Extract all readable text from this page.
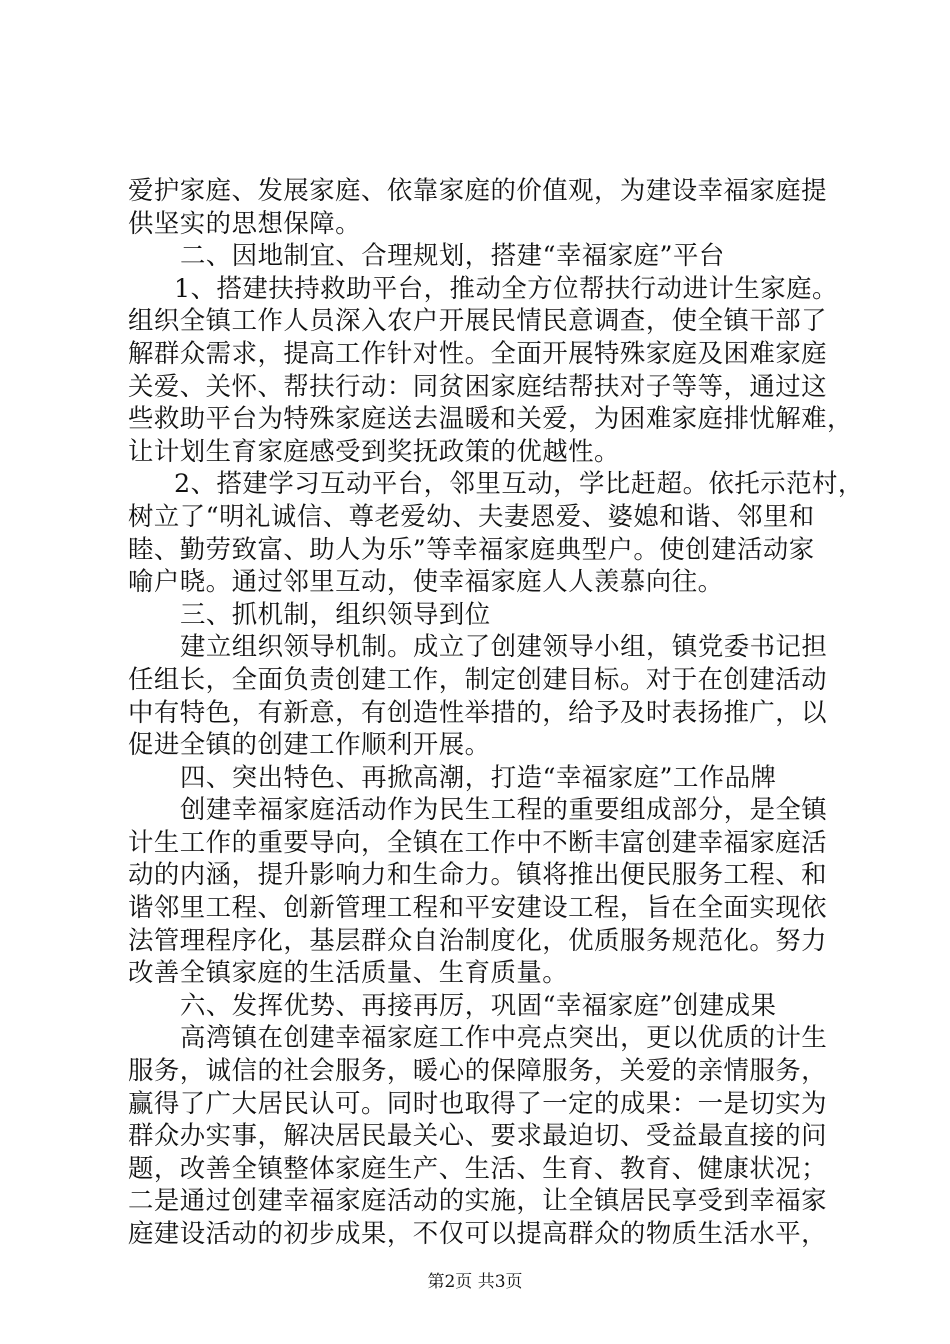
爱护家庭、发展家庭、依靠家庭的价值观，为建设幸福家庭提
供坚实的思想保障。
二、因地制宜、合理规划，搭建“幸福家庭”平台
1、搭建扶持救助平台，推动全方位帮扶行动进计生家庭。
组织全镇工作人员深入农户开展民情民意调查，使全镇干部了
解群众需求，提高工作针对性。全面开展特殊家庭及困难家庭
关爱、关怀、帮扶行动：同贫困家庭结帮扶对子等等，通过这
些救助平台为特殊家庭送去温暖和关爱，为困难家庭排忧解难，
让计划生育家庭感受到奖抚政策的优越性。
2、搭建学习互动平台，邻里互动，学比赶超。依托示范村，
树立了“明礼诚信、尊老爱幼、夫妻恩爱、婆媳和谐、邻里和
睦、勤劳致富、助人为乐”等幸福家庭典型户。使创建活动家
喻户晓。通过邻里互动，使幸福家庭人人羡慕向往。
三、抓机制，组织领导到位
建立组织领导机制。成立了创建领导小组，镇党委书记担
任组长，全面负责创建工作，制定创建目标。对于在创建活动
中有特色，有新意，有创造性举措的，给予及时表扬推广，以
促进全镇的创建工作顺利开展。
四、突出特色、再掀高潮，打造“幸福家庭”工作品牌
创建幸福家庭活动作为民生工程的重要组成部分，是全镇
计生工作的重要导向，全镇在工作中不断丰富创建幸福家庭活
动的内涵，提升影响力和生命力。镇将推出便民服务工程、和
谐邻里工程、创新管理工程和平安建设工程，旨在全面实现依
法管理程序化，基层群众自治制度化，优质服务规范化。努力
改善全镇家庭的生活质量、生育质量。
六、发挥优势、再接再厉，巩固“幸福家庭”创建成果
高湾镇在创建幸福家庭工作中亮点突出，更以优质的计生
服务，诚信的社会服务，暖心的保障服务，关爱的亲情服务，
赢得了广大居民认可。同时也取得了一定的成果：一是切实为
群众办实事，解决居民最关心、要求最迫切、受益最直接的问
题，改善全镇整体家庭生产、生活、生育、教育、健康状况；
二是通过创建幸福家庭活动的实施，让全镇居民享受到幸福家
庭建设活动的初步成果，不仅可以提高群众的物质生活水平，
第2页 共3页
